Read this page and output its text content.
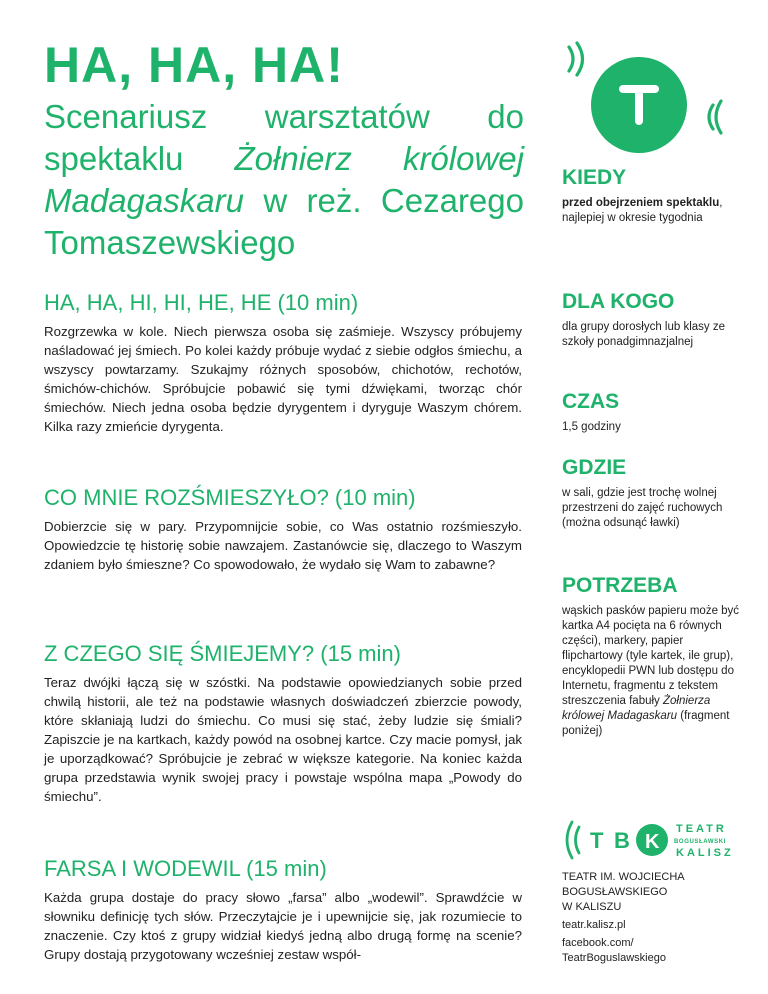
HA, HA, HA!
Scenariusz warsztatów do spektaklu Żołnierz królowej Madagaskaru w reż. Cezarego Tomaszewskiego
HA, HA, HI, HI, HE, HE (10 min)

Rozgrzewka w kole. Niech pierwsza osoba się zaśmieje. Wszyscy próbujemy naśladować jej śmiech. Po kolei każdy próbuje wydać z siebie odgłos śmiechu, a wszyscy powtarzamy. Szukajmy różnych sposobów, chichotów, rechotów, śmichów-chichów. Spróbujcie pobawić się tymi dźwiękami, tworząc chór śmiechów. Niech jedna osoba będzie dyrygentem i dyryguje Waszym chórem. Kilka razy zmieńcie dyrygenta.

CO MNIE ROZŚMIESZYŁO? (10 min)

Dobierzcie się w pary. Przypomnijcie sobie, co Was ostatnio rozśmieszyło. Opowiedzcie tę historię sobie nawzajem. Zastanówcie się, dlaczego to Waszym zdaniem było śmieszne? Co spowodowało, że wydało się Wam to zabawne?

Z CZEGO SIĘ ŚMIEJEMY? (15 min)

Teraz dwójki łączą się w szóstki. Na podstawie opowiedzianych sobie przed chwilą historii, ale też na podstawie własnych doświadczeń zbierzcie powody, które skłaniają ludzi do śmiechu. Co musi się stać, żeby ludzie się śmiali? Zapiszcie je na kartkach, każdy powód na osobnej kartce. Czy macie pomysł, jak je uporządkować? Spróbujcie je zebrać w większe kategorie. Na koniec każda grupa przedstawia wynik swojej pracy i powstaje wspólna mapa „Powody do śmiechu”.

FARSA I WODEWIL (15 min)

Każda grupa dostaje do pracy słowo „farsa” albo „wodewil”. Sprawdźcie w słowniku definicję tych słów. Przeczytajcie je i upewnijcie się, jak rozumiecie to znaczenie. Czy ktoś z grupy widział kiedyś jedną albo drugą formę na scenie? Grupy dostają przygotowany wcześniej zestaw współ-

KIEDY

przed obejrzeniem spektaklu, najlepiej w okresie tygodnia

DLA KOGO

dla grupy dorosłych lub klasy ze szkoły ponadgimnazjalnej

CZAS

1,5 godziny

GDZIE

w sali, gdzie jest trochę wolnej przestrzeni do zajęć ruchowych (można odsunąć ławki)

POTRZEBA

wąskich pasków papieru może być kartka A4 pocięta na 6 równych części), markery, papier flipchartowy (tyle kartek, ile grup), encyklopedii PWN lub dostępu do Internetu, fragmentu z tekstem streszczenia fabuły Żołnierza królowej Madagaskaru (fragment poniżej)

T B K
TEATR
BOGUSŁAWSKI
KALISZ
TEATR IM. WOJCIECHA
BOGUSŁAWSKIEGO
W KALISZU
teatr.kalisz.pl
facebook.com/
TeatrBoguslawskiego
